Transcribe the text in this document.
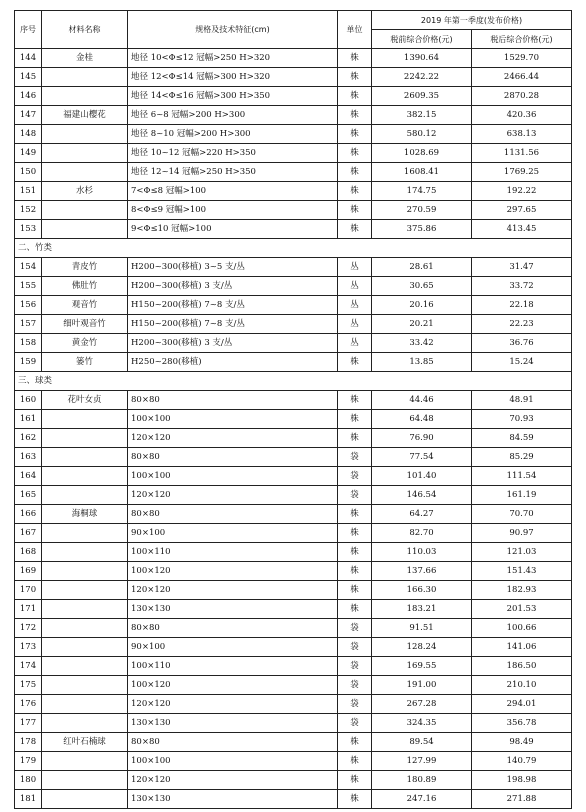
序号	材料名称	规格及技术特征(cm)	单位	2019 年第一季度(发布价格)	
				税前综合价格(元)	税后综合价格(元)
144	金桂	地径 10<Φ≤12 冠幅>250 H>320	株	1390.64	1529.70
145		地径 12<Φ≤14 冠幅>300 H>320	株	2242.22	2466.44
146		地径 14<Φ≤16 冠幅>300 H>350	株	2609.35	2870.28
147	福建山樱花	地径 6~8 冠幅>200 H>300	株	382.15	420.36
148		地径 8~10 冠幅>200 H>300	株	580.12	638.13
149		地径 10~12 冠幅>220 H>350	株	1028.69	1131.56
150		地径 12~14 冠幅>250 H>350	株	1608.41	1769.25
151	水杉	7<Φ≤8 冠幅>100	株	174.75	192.22
152		8<Φ≤9 冠幅>100	株	270.59	297.65
153		9<Φ≤10 冠幅>100	株	375.86	413.45
二、竹类					
154	青皮竹	H200~300(移植) 3~5 支/丛	丛	28.61	31.47
155	佛肚竹	H200~300(移植) 3 支/丛	丛	30.65	33.72
156	观音竹	H150~200(移植) 7~8 支/丛	丛	20.16	22.18
157	细叶观音竹	H150~200(移植) 7~8 支/丛	丛	20.21	22.23
158	黄金竹	H200~300(移植) 3 支/丛	丛	33.42	36.76
159	篓竹	H250~280(移植)	株	13.85	15.24
三、球类					
160	花叶女贞	80×80	株	44.46	48.91
161		100×100	株	64.48	70.93
162		120×120	株	76.90	84.59
163		80×80	袋	77.54	85.29
164		100×100	袋	101.40	111.54
165		120×120	袋	146.54	161.19
166	海桐球	80×80	株	64.27	70.70
167		90×100	株	82.70	90.97
168		100×110	株	110.03	121.03
169		100×120	株	137.66	151.43
170		120×120	株	166.30	182.93
171		130×130	株	183.21	201.53
172		80×80	袋	91.51	100.66
173		90×100	袋	128.24	141.06
174		100×110	袋	169.55	186.50
175		100×120	袋	191.00	210.10
176		120×120	袋	267.28	294.01
177		130×130	袋	324.35	356.78
178	红叶石楠球	80×80	株	89.54	98.49
179		100×100	株	127.99	140.79
180		120×120	株	180.89	198.98
181		130×130	株	247.16	271.88
